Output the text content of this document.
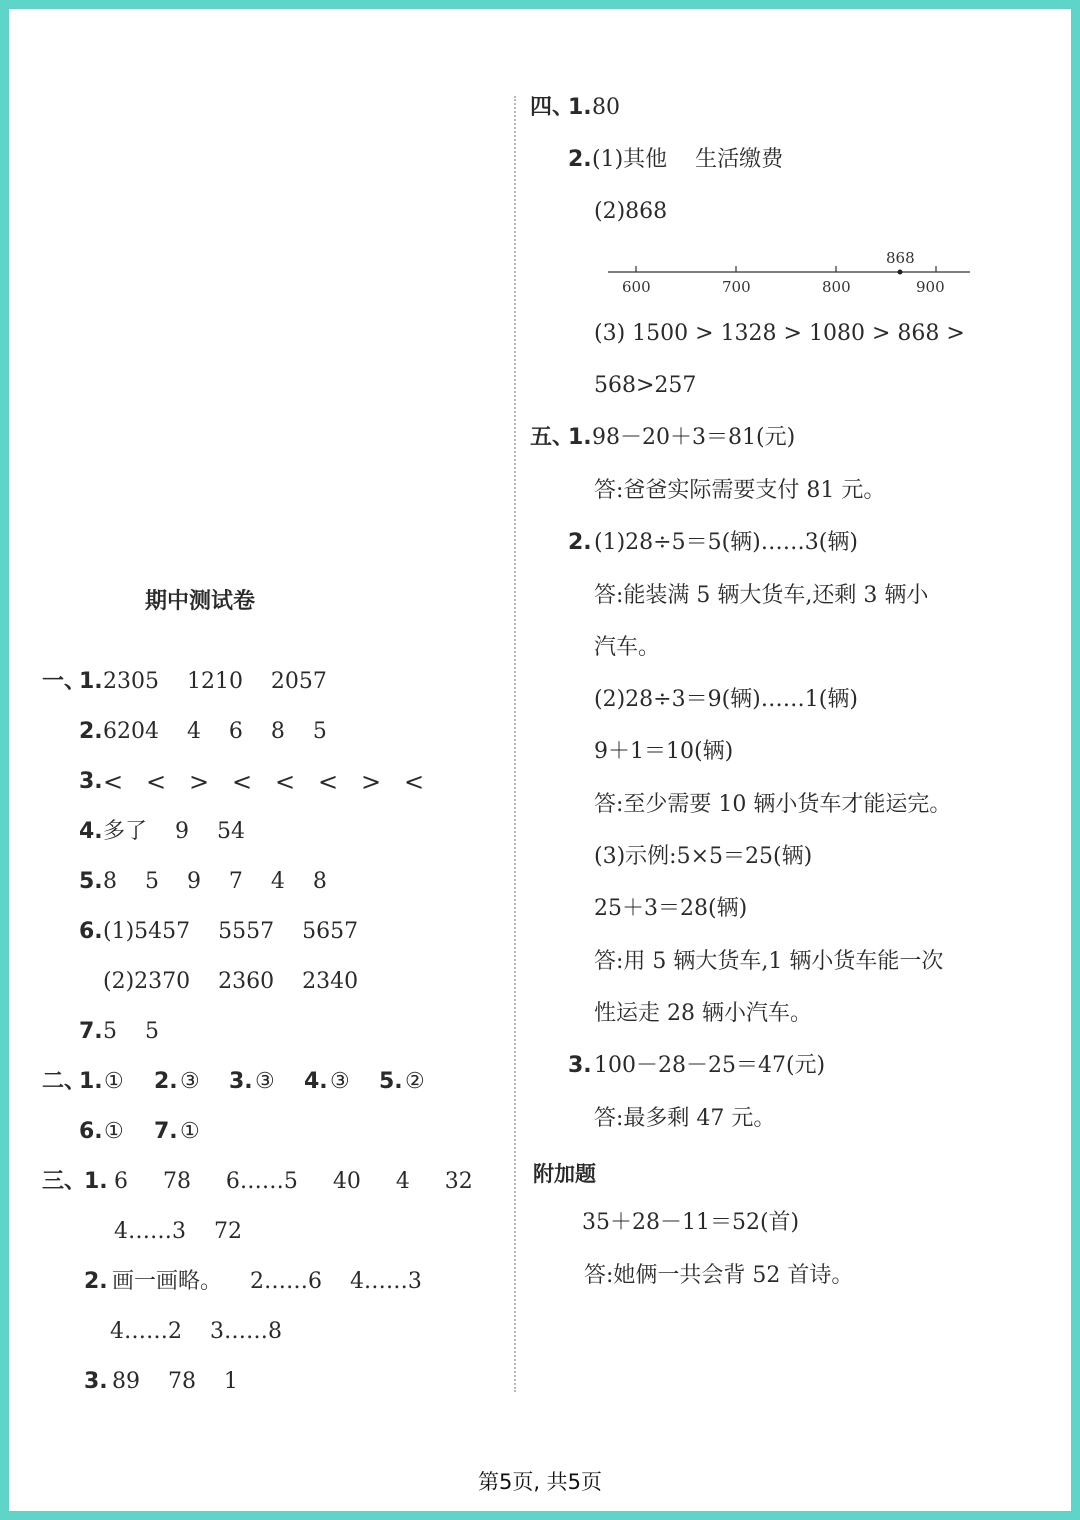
期中测试卷
一、
1. 2305    1210    2057
2. 6204    4    6    8    5
3. <   <   >   <   <   <   >   <
4. 多了    9    54
5. 8    5    9    7    4    8
6. (1)5457    5557    5657
(2)2370    2360    2340
7. 5    5
二、
1. ① 2. ③ 3. ③ 4. ③ 5. ②
6. ① 7. ①
三、
1. 6     78     6……5     40     4     32
4……3    72
2. 画一画略。    2……6    4……3
4……2    3……8
3. 89    78    1
四、
1. 80
2. (1)其他    生活缴费
(2)868
868
600	700	800	900
(3) 1500 > 1328 > 1080 > 868 >
568>257
五、
1. 98－20＋3＝81(元)
答:爸爸实际需要支付 81 元。
2. (1)28÷5＝5(辆)……3(辆)
答:能装满 5 辆大货车,还剩 3 辆小
汽车。
(2)28÷3＝9(辆)……1(辆)
9＋1＝10(辆)
答:至少需要 10 辆小货车才能运完。
(3)示例:5×5＝25(辆)
25＋3＝28(辆)
答:用 5 辆大货车,1 辆小货车能一次
性运走 28 辆小汽车。
3. 100－28－25＝47(元)
答:最多剩 47 元。
附加题
35＋28－11＝52(首)
答:她俩一共会背 52 首诗。
第5页, 共5页
